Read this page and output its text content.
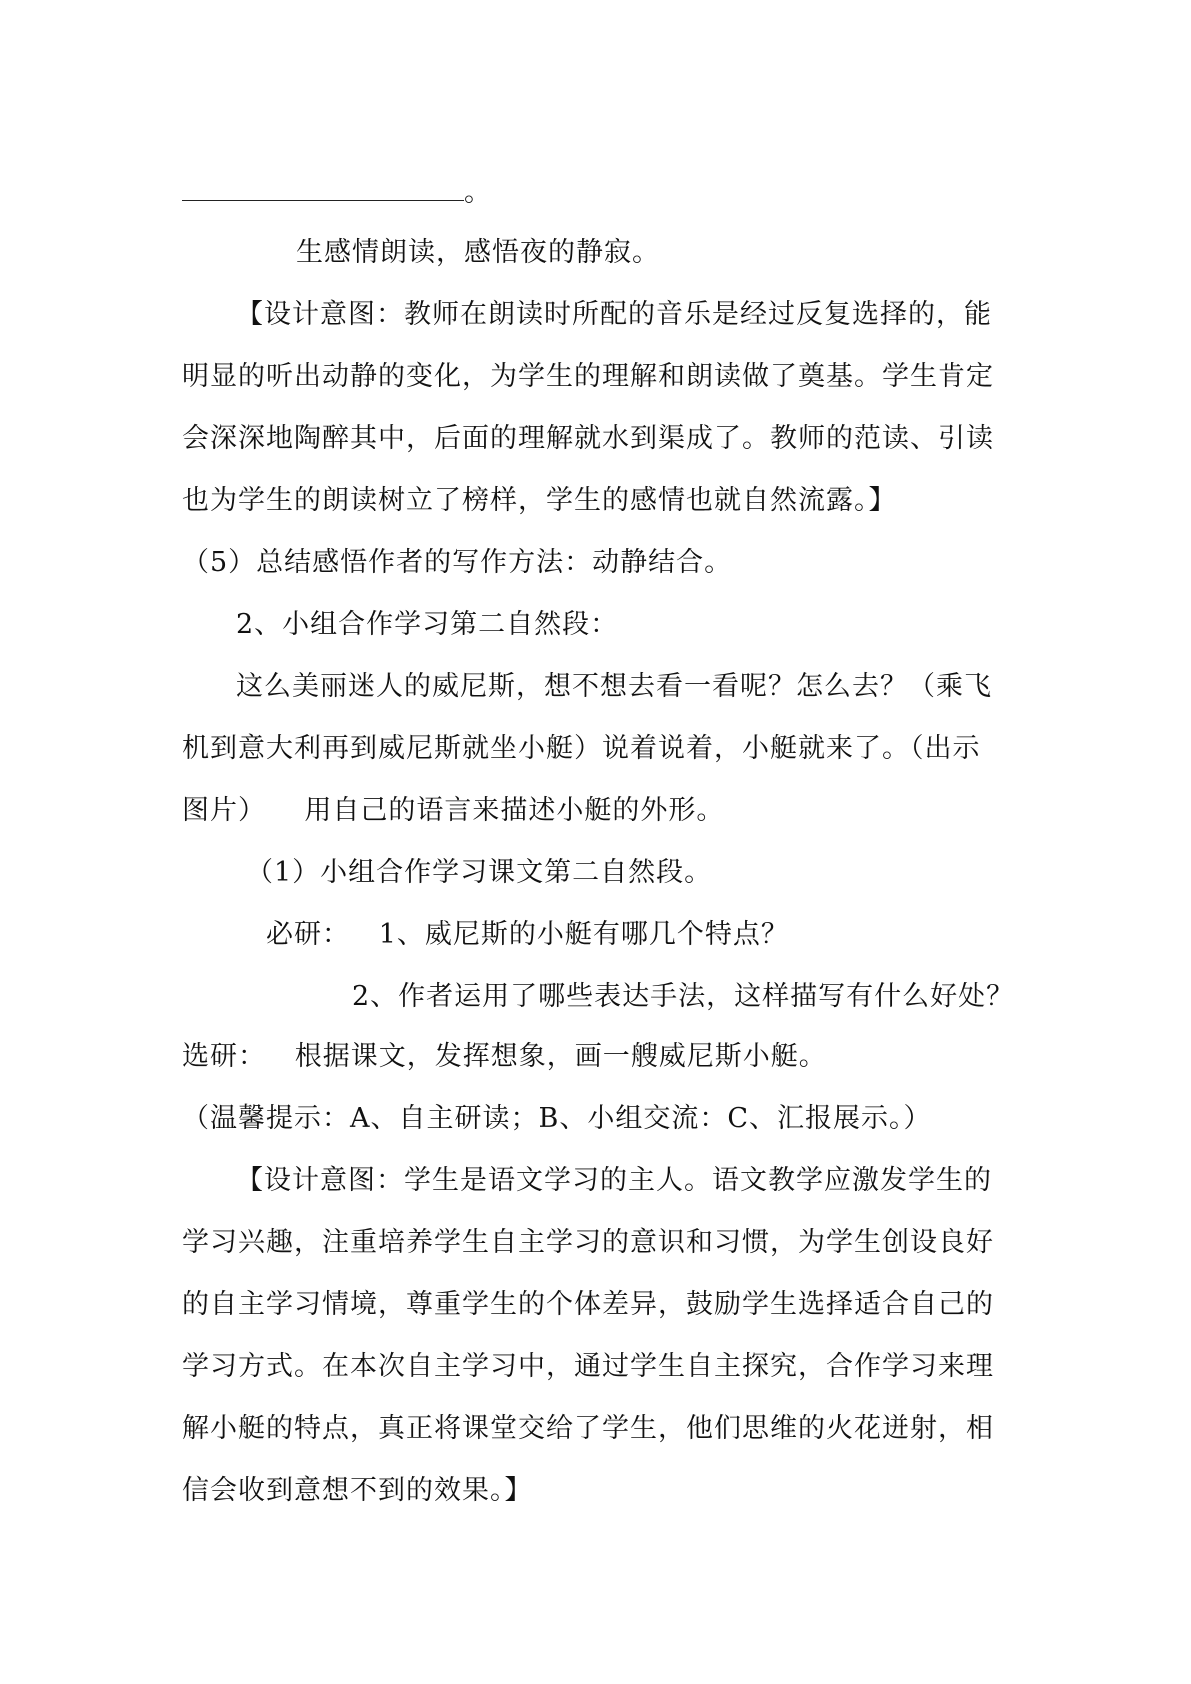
。
生感情朗读，感悟夜的静寂。
【设计意图：教师在朗读时所配的音乐是经过反复选择的，能
明显的听出动静的变化，为学生的理解和朗读做了奠基。学生肯定
会深深地陶醉其中，后面的理解就水到渠成了。教师的范读、引读
也为学生的朗读树立了榜样，学生的感情也就自然流露。】
（5）总结感悟作者的写作方法：动静结合。
2、小组合作学习第二自然段：
这么美丽迷人的威尼斯，想不想去看一看呢？怎么去？（乘飞
机到意大利再到威尼斯就坐小艇）说着说着，小艇就来了。（出示
图片）    用自己的语言来描述小艇的外形。
（1）小组合作学习课文第二自然段。
必研：   1、威尼斯的小艇有哪几个特点？
2、作者运用了哪些表达手法，这样描写有什么好处？
选研：   根据课文，发挥想象，画一艘威尼斯小艇。
（温馨提示：A、自主研读；B、小组交流：C、汇报展示。）
【设计意图：学生是语文学习的主人。语文教学应激发学生的
学习兴趣，注重培养学生自主学习的意识和习惯，为学生创设良好
的自主学习情境，尊重学生的个体差异，鼓励学生选择适合自己的
学习方式。在本次自主学习中，通过学生自主探究，合作学习来理
解小艇的特点，真正将课堂交给了学生，他们思维的火花迸射，相
信会收到意想不到的效果。】
